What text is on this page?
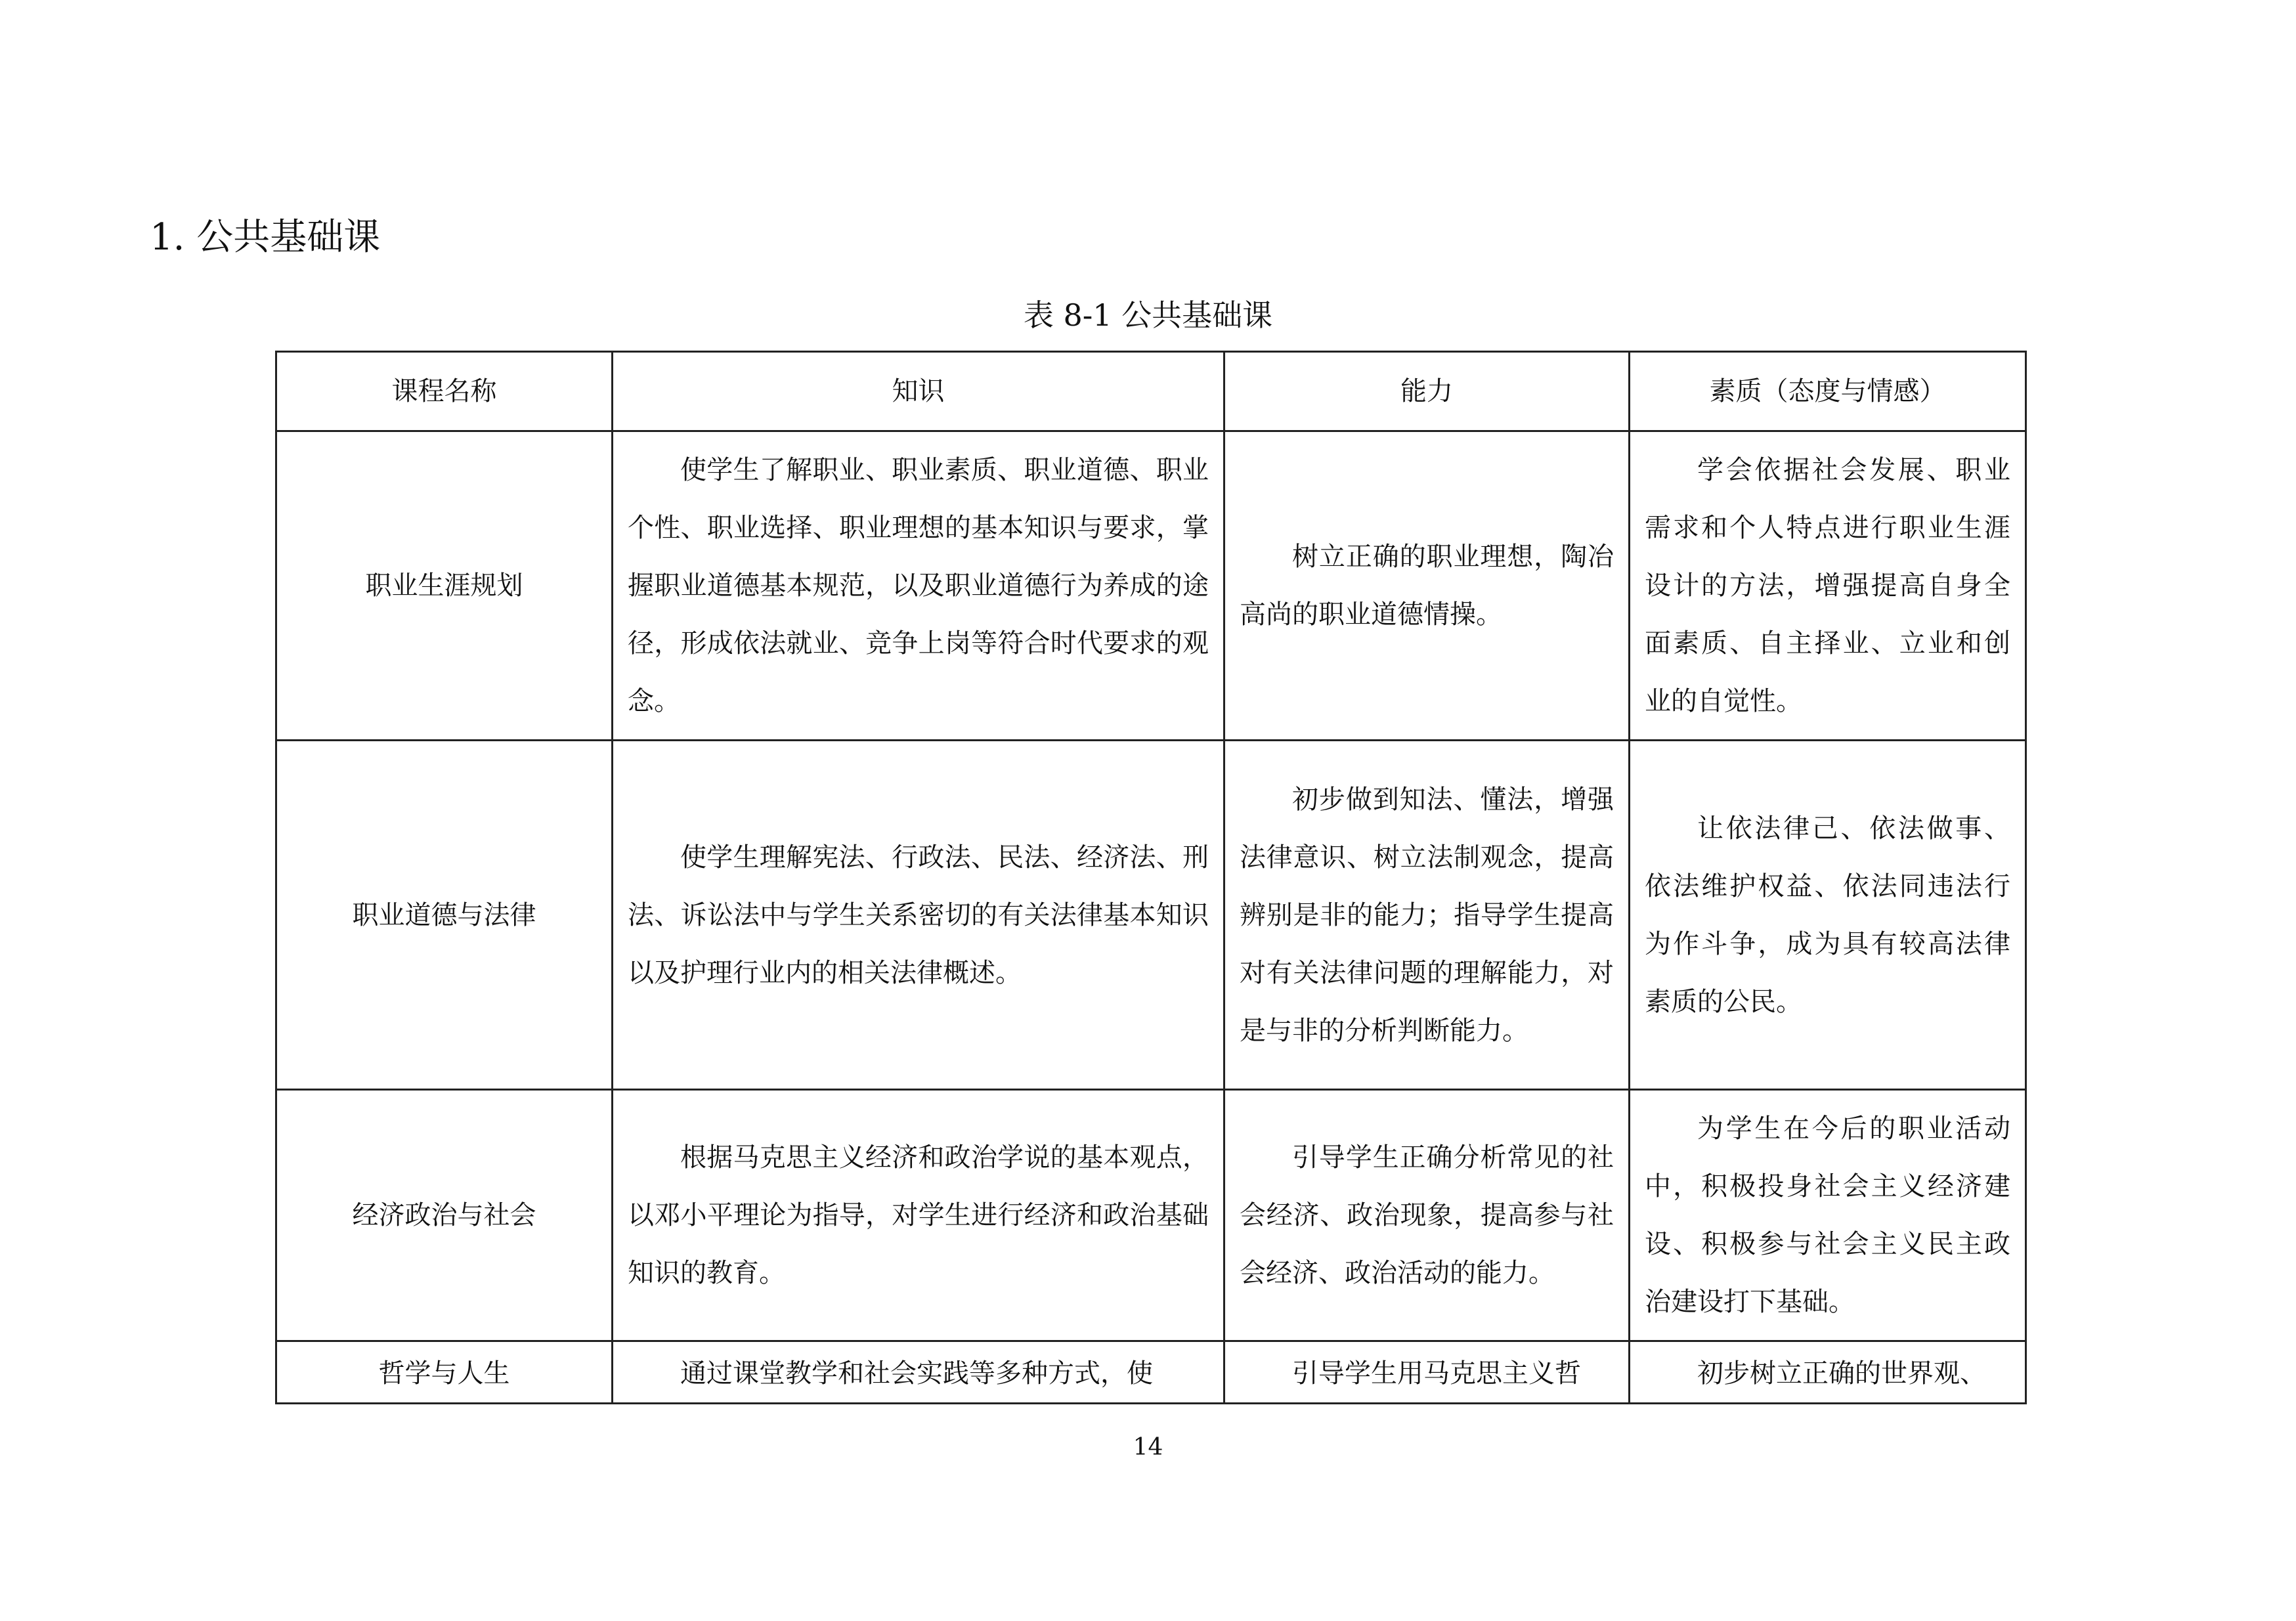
1. 公共基础课
表 8-1 公共基础课
课程名称	知识	能力	素质（态度与情感）
职业生涯规划	使学生了解职业、职业素质、职业道德、职业个性、职业选择、职业理想的基本知识与要求，掌握职业道德基本规范，以及职业道德行为养成的途径，形成依法就业、竞争上岗等符合时代要求的观念。	树立正确的职业理想，陶冶高尚的职业道德情操。	学会依据社会发展、职业需求和个人特点进行职业生涯设计的方法，增强提高自身全面素质、自主择业、立业和创业的自觉性。

职业道德与法律	使学生理解宪法、行政法、民法、经济法、刑法、诉讼法中与学生关系密切的有关法律基本知识以及护理行业内的相关法律概述。	初步做到知法、懂法，增强法律意识、树立法制观念，提高辨别是非的能力；指导学生提高对有关法律问题的理解能力，对是与非的分析判断能力。	让依法律己、依法做事、依法维护权益、依法同违法行为作斗争，成为具有较高法律素质的公民。

经济政治与社会	根据马克思主义经济和政治学说的基本观点，以邓小平理论为指导，对学生进行经济和政治基础知识的教育。	引导学生正确分析常见的社会经济、政治现象，提高参与社会经济、政治活动的能力。	为学生在今后的职业活动中，积极投身社会主义经济建设、积极参与社会主义民主政治建设打下基础。

哲学与人生	通过课堂教学和社会实践等多种方式，使	引导学生用马克思主义哲	初步树立正确的世界观、

14
